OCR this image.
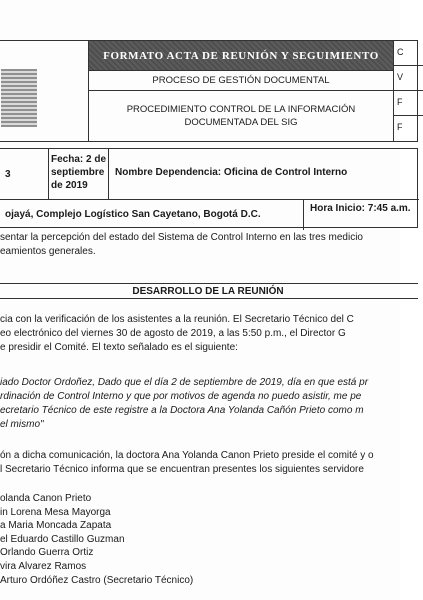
FORMATO ACTA DE REUNIÓN Y SEGUIMIENTO
PROCESO DE GESTIÓN DOCUMENTAL
PROCEDIMIENTO CONTROL DE LA INFORMACIÓN DOCUMENTADA DEL SIG
C
V
F
F
3
Fecha: 2 de septiembre de 2019
Nombre Dependencia: Oficina de Control Interno
ojayá, Complejo Logístico San Cayetano, Bogotá D.C.
Hora Inicio: 7:45 a.m.
sentar la percepción del estado del Sistema de Control Interno en las tres medicio
eamientos generales.
DESARROLLO DE LA REUNIÓN
cia con la verificación de los asistentes a la reunión. El Secretario Técnico del C
eo electrónico del viernes 30 de agosto de 2019, a las 5:50 p.m., el Director G
e presidir el Comité. El texto señalado es el siguiente:
iado Doctor Ordoñez, Dado que el día 2 de septiembre de 2019, día en que está pr
rdinación de Control Interno y que por motivos de agenda no puedo asistir, me pe
ecretario Técnico de este registre a la Doctora Ana Yolanda Cañón Prieto como m
el mismo"
ón a dicha comunicación, la doctora Ana Yolanda Canon Prieto preside el comité y o
l Secretario Técnico informa que se encuentran presentes los siguientes servidore
olanda Canon Prieto
in Lorena Mesa Mayorga
a Maria Moncada Zapata
el Eduardo Castillo Guzman
Orlando Guerra Ortiz
vira Alvarez Ramos
Arturo Ordóñez Castro (Secretario Técnico)
